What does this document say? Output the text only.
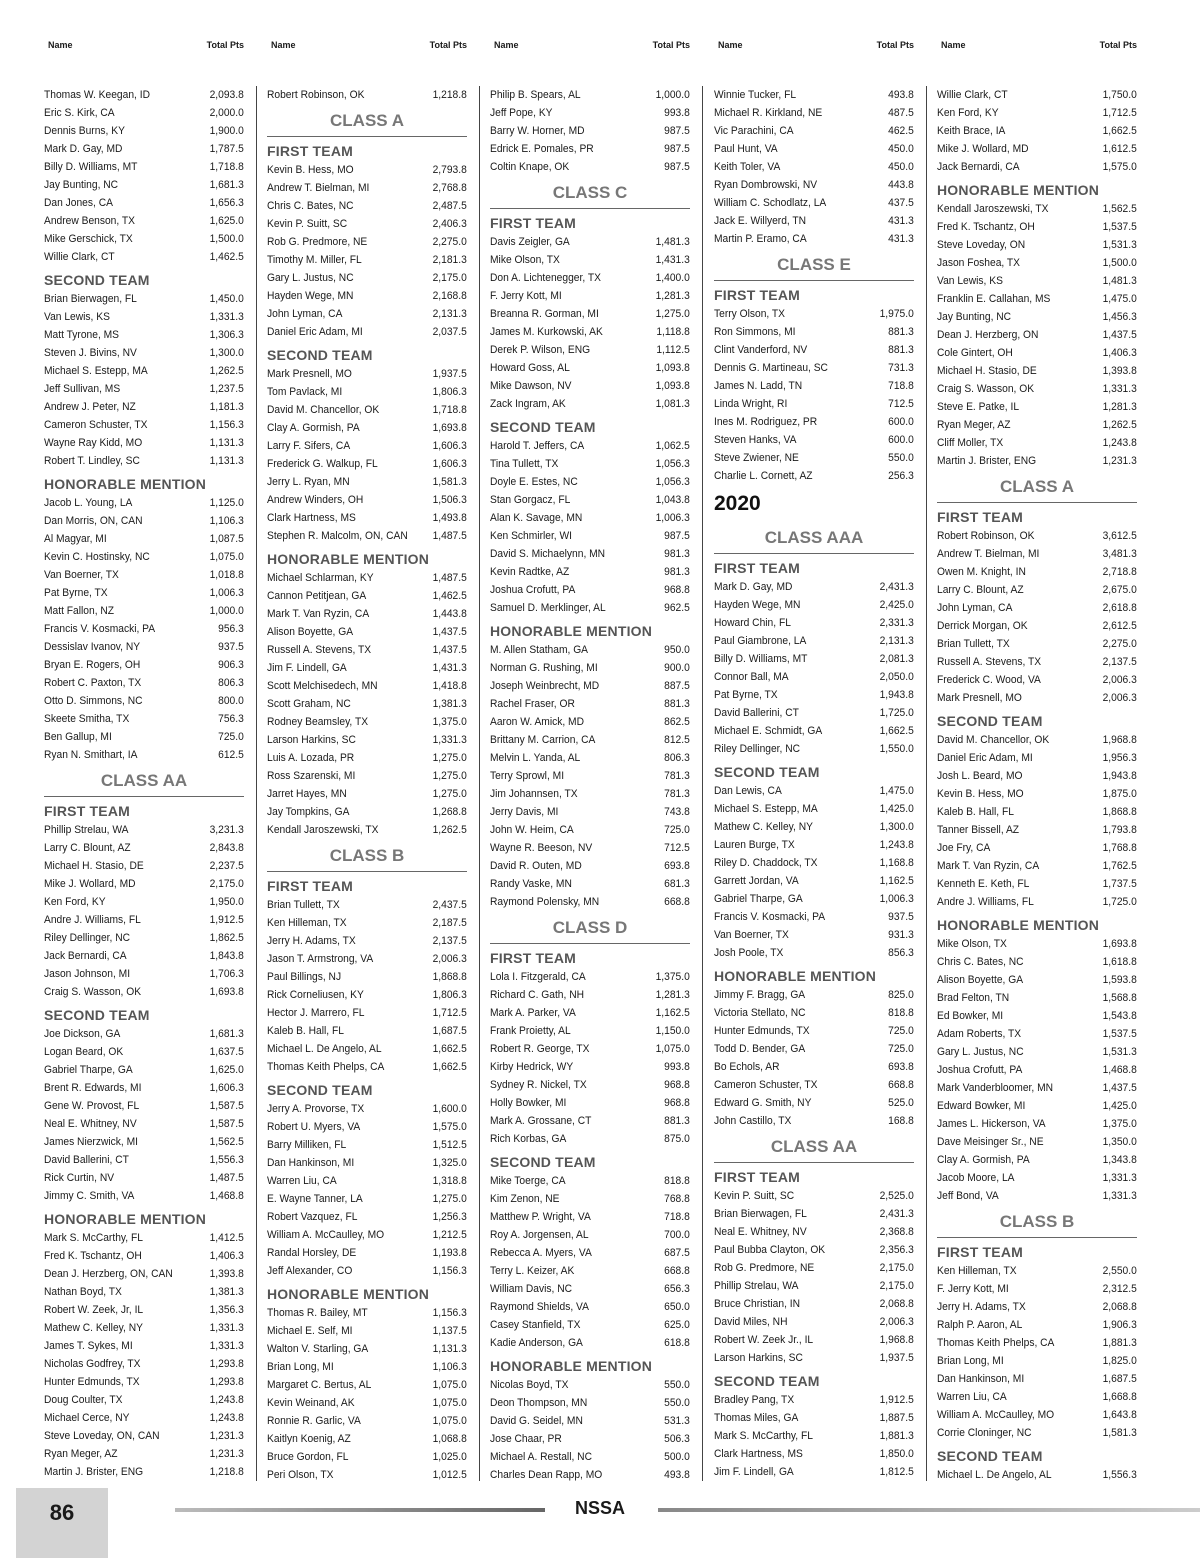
Name	Total Pts
Thomas W. Keegan, ID	2,093.8
Eric S. Kirk, CA	2,000.0
Dennis Burns, KY	1,900.0
Mark D. Gay, MD	1,787.5
Billy D. Williams, MT	1,718.8
Jay Bunting, NC	1,681.3
Dan Jones, CA	1,656.3
Andrew Benson, TX	1,625.0
Mike Gerschick, TX	1,500.0
Willie Clark, CT	1,462.5
SECOND TEAM
Brian Bierwagen, FL	1,450.0
Van Lewis, KS	1,331.3
Matt Tyrone, MS	1,306.3
Steven J. Bivins, NV	1,300.0
Michael S. Estepp, MA	1,262.5
Jeff Sullivan, MS	1,237.5
Andrew J. Peter, NZ	1,181.3
Cameron Schuster, TX	1,156.3
Wayne Ray Kidd, MO	1,131.3
Robert T. Lindley, SC	1,131.3
HONORABLE MENTION
Jacob L. Young, LA	1,125.0
Dan Morris, ON, CAN	1,106.3
Al Magyar, MI	1,087.5
Kevin C. Hostinsky, NC	1,075.0
Van Boerner, TX	1,018.8
Pat Byrne, TX	1,006.3
Matt Fallon, NZ	1,000.0
Francis V. Kosmacki, PA	956.3
Dessislav Ivanov, NY	937.5
Bryan E. Rogers, OH	906.3
Robert C. Paxton, TX	806.3
Otto D. Simmons, NC	800.0
Skeete Smitha, TX	756.3
Ben Gallup, MI	725.0
Ryan N. Smithart, IA	612.5
CLASS AA
FIRST TEAM
Phillip Strelau, WA	3,231.3
Larry C. Blount, AZ	2,843.8
Michael H. Stasio, DE	2,237.5
Mike J. Wollard, MD	2,175.0
Ken Ford, KY	1,950.0
Andre J. Williams, FL	1,912.5
Riley Dellinger, NC	1,862.5
Jack Bernardi, CA	1,843.8
Jason Johnson, MI	1,706.3
Craig S. Wasson, OK	1,693.8
SECOND TEAM
Joe Dickson, GA	1,681.3
Logan Beard, OK	1,637.5
Gabriel Tharpe, GA	1,625.0
Brent R. Edwards, MI	1,606.3
Gene W. Provost, FL	1,587.5
Neal E. Whitney, NV	1,587.5
James Nierzwick, MI	1,562.5
David Ballerini, CT	1,556.3
Rick Curtin, NV	1,487.5
Jimmy C. Smith, VA	1,468.8
HONORABLE MENTION
Mark S. McCarthy, FL	1,412.5
Fred K. Tschantz, OH	1,406.3
Dean J. Herzberg, ON, CAN	1,393.8
Nathan Boyd, TX	1,381.3
Robert W. Zeek, Jr, IL	1,356.3
Mathew C. Kelley, NY	1,331.3
James T. Sykes, MI	1,331.3
Nicholas Godfrey, TX	1,293.8
Hunter Edmunds, TX	1,293.8
Doug Coulter, TX	1,243.8
Michael Cerce, NY	1,243.8
Steve Loveday, ON, CAN	1,231.3
Ryan Meger, AZ	1,231.3
Martin J. Brister, ENG	1,218.8
Name	Total Pts
Robert Robinson, OK	1,218.8
CLASS A
FIRST TEAM
Kevin B. Hess, MO	2,793.8
Andrew T. Bielman, MI	2,768.8
Chris C. Bates, NC	2,487.5
Kevin P. Suitt, SC	2,406.3
Rob G. Predmore, NE	2,275.0
Timothy M. Miller, FL	2,181.3
Gary L. Justus, NC	2,175.0
Hayden Wege, MN	2,168.8
John Lyman, CA	2,131.3
Daniel Eric Adam, MI	2,037.5
SECOND TEAM
Mark Presnell, MO	1,937.5
Tom Pavlack, MI	1,806.3
David M. Chancellor, OK	1,718.8
Clay A. Gormish, PA	1,693.8
Larry F. Sifers, CA	1,606.3
Frederick G. Walkup, FL	1,606.3
Jerry L. Ryan, MN	1,581.3
Andrew Winders, OH	1,506.3
Clark Hartness, MS	1,493.8
Stephen R. Malcolm, ON, CAN 1,487.5
HONORABLE MENTION
Michael Schlarman, KY	1,487.5
Cannon Petitjean, GA	1,462.5
Mark T. Van Ryzin, CA	1,443.8
Alison Boyette, GA	1,437.5
Russell A. Stevens, TX	1,437.5
Jim F. Lindell, GA	1,431.3
Scott Melchisedech, MN	1,418.8
Scott Graham, NC	1,381.3
Rodney Beamsley, TX	1,375.0
Larson Harkins, SC	1,331.3
Luis A. Lozada, PR	1,275.0
Ross Szarenski, MI	1,275.0
Jarret Hayes, MN	1,275.0
Jay Tompkins, GA	1,268.8
Kendall Jaroszewski, TX	1,262.5
CLASS B
FIRST TEAM
Brian Tullett, TX	2,437.5
Ken Hilleman, TX	2,187.5
Jerry H. Adams, TX	2,137.5
Jason T. Armstrong, VA	2,006.3
Paul Billings, NJ	1,868.8
Rick Corneliusen, KY	1,806.3
Hector J. Marrero, FL	1,712.5
Kaleb B. Hall, FL	1,687.5
Michael L. De Angelo, AL	1,662.5
Thomas Keith Phelps, CA	1,662.5
SECOND TEAM
Jerry A. Provorse, TX	1,600.0
Robert U. Myers, VA	1,575.0
Barry Milliken, FL	1,512.5
Dan Hankinson, MI	1,325.0
Warren Liu, CA	1,318.8
E. Wayne Tanner, LA	1,275.0
Robert Vazquez, FL	1,256.3
William A. McCaulley, MO	1,212.5
Randal Horsley, DE	1,193.8
Jeff Alexander, CO	1,156.3
HONORABLE MENTION
Thomas R. Bailey, MT	1,156.3
Michael E. Self, MI	1,137.5
Walton V. Starling, GA	1,131.3
Brian Long, MI	1,106.3
Margaret C. Bertus, AL	1,075.0
Kevin Weinand, AK	1,075.0
Ronnie R. Garlic, VA	1,075.0
Kaitlyn Koenig, AZ	1,068.8
Bruce Gordon, FL	1,025.0
Peri Olson, TX	1,012.5
Name	Total Pts
Philip B. Spears, AL	1,000.0
Jeff Pope, KY	993.8
Barry W. Horner, MD	987.5
Edrick E. Pomales, PR	987.5
Coltin Knape, OK	987.5
CLASS C
FIRST TEAM
Davis Zeigler, GA	1,481.3
Mike Olson, TX	1,431.3
Don A. Lichtenegger, TX	1,400.0
F. Jerry Kott, MI	1,281.3
Breanna R. Gorman, MI	1,275.0
James M. Kurkowski, AK	1,118.8
Derek P. Wilson, ENG	1,112.5
Howard Goss, AL	1,093.8
Mike Dawson, NV	1,093.8
Zack Ingram, AK	1,081.3
SECOND TEAM
Harold T. Jeffers, CA	1,062.5
Tina Tullett, TX	1,056.3
Doyle E. Estes, NC	1,056.3
Stan Gorgacz, FL	1,043.8
Alan K. Savage, MN	1,006.3
Ken Schmirler, WI	987.5
David S. Michaelynn, MN	981.3
Kevin Radtke, AZ	981.3
Joshua Crofutt, PA	968.8
Samuel D. Merklinger, AL	962.5
HONORABLE MENTION
M. Allen Statham, GA	950.0
Norman G. Rushing, MI	900.0
Joseph Weinbrecht, MD	887.5
Rachel Fraser, OR	881.3
Aaron W. Amick, MD	862.5
Brittany M. Carrion, CA	812.5
Melvin L. Yanda, AL	806.3
Terry Sprowl, MI	781.3
Jim Johannsen, TX	781.3
Jerry Davis, MI	743.8
John W. Heim, CA	725.0
Wayne R. Beeson, NV	712.5
David R. Outen, MD	693.8
Randy Vaske, MN	681.3
Raymond Polensky, MN	668.8
CLASS D
FIRST TEAM
Lola I. Fitzgerald, CA	1,375.0
Richard C. Gath, NH	1,281.3
Mark A. Parker, VA	1,162.5
Frank Proietty, AL	1,150.0
Robert R. George, TX	1,075.0
Kirby Hedrick, WY	993.8
Sydney R. Nickel, TX	968.8
Holly Bowker, MI	968.8
Mark A. Grossane, CT	881.3
Rich Korbas, GA	875.0
SECOND TEAM
Mike Toerge, CA	818.8
Kim Zenon, NE	768.8
Matthew P. Wright, VA	718.8
Roy A. Jorgensen, AL	700.0
Rebecca A. Myers, VA	687.5
Terry L. Keizer, AK	668.8
William Davis, NC	656.3
Raymond Shields, VA	650.0
Casey Stanfield, TX	625.0
Kadie Anderson, GA	618.8
HONORABLE MENTION
Nicolas Boyd, TX	550.0
Deon Thompson, MN	550.0
David G. Seidel, MN	531.3
Jose Chaar, PR	506.3
Michael A. Restall, NC	500.0
Charles Dean Rapp, MO	493.8
Name	Total Pts
Winnie Tucker, FL	493.8
Michael R. Kirkland, NE	487.5
Vic Parachini, CA	462.5
Paul Hunt, VA	450.0
Keith Toler, VA	450.0
Ryan Dombrowski, NV	443.8
William C. Schodlatz, LA	437.5
Jack E. Willyerd, TN	431.3
Martin P. Eramo, CA	431.3
CLASS E
FIRST TEAM
Terry Olson, TX	1,975.0
Ron Simmons, MI	881.3
Clint Vanderford, NV	881.3
Dennis G. Martineau, SC	731.3
James N. Ladd, TN	718.8
Linda Wright, RI	712.5
Ines M. Rodriguez, PR	600.0
Steven Hanks, VA	600.0
Steve Zwiener, NE	550.0
Charlie L. Cornett, AZ	256.3
2020
CLASS AAA
FIRST TEAM
Mark D. Gay, MD	2,431.3
Hayden Wege, MN	2,425.0
Howard Chin, FL	2,331.3
Paul Giambrone, LA	2,131.3
Billy D. Williams, MT	2,081.3
Connor Ball, MA	2,050.0
Pat Byrne, TX	1,943.8
David Ballerini, CT	1,725.0
Michael E. Schmidt, GA	1,662.5
Riley Dellinger, NC	1,550.0
SECOND TEAM
Dan Lewis, CA	1,475.0
Michael S. Estepp, MA	1,425.0
Mathew C. Kelley, NY	1,300.0
Lauren Burge, TX	1,243.8
Riley D. Chaddock, TX	1,168.8
Garrett Jordan, VA	1,162.5
Gabriel Tharpe, GA	1,006.3
Francis V. Kosmacki, PA	937.5
Van Boerner, TX	931.3
Josh Poole, TX	856.3
HONORABLE MENTION
Jimmy F. Bragg, GA	825.0
Victoria Stellato, NC	818.8
Hunter Edmunds, TX	725.0
Todd D. Bender, GA	725.0
Bo Echols, AR	693.8
Cameron Schuster, TX	668.8
Edward G. Smith, NY	525.0
John Castillo, TX	168.8
CLASS AA
FIRST TEAM
Kevin P. Suitt, SC	2,525.0
Brian Bierwagen, FL	2,431.3
Neal E. Whitney, NV	2,368.8
Paul Bubba Clayton, OK	2,356.3
Rob G. Predmore, NE	2,175.0
Phillip Strelau, WA	2,175.0
Bruce Christian, IN	2,068.8
David Miles, NH	2,006.3
Robert W. Zeek Jr., IL	1,968.8
Larson Harkins, SC	1,937.5
SECOND TEAM
Bradley Pang, TX	1,912.5
Thomas Miles, GA	1,887.5
Mark S. McCarthy, FL	1,881.3
Clark Hartness, MS	1,850.0
Jim F. Lindell, GA	1,812.5
Name	Total Pts
Willie Clark, CT	1,750.0
Ken Ford, KY	1,712.5
Keith Brace, IA	1,662.5
Mike J. Wollard, MD	1,612.5
Jack Bernardi, CA	1,575.0
HONORABLE MENTION
Kendall Jaroszewski, TX	1,562.5
Fred K. Tschantz, OH	1,537.5
Steve Loveday, ON	1,531.3
Jason Foshea, TX	1,500.0
Van Lewis, KS	1,481.3
Franklin E. Callahan, MS	1,475.0
Jay Bunting, NC	1,456.3
Dean J. Herzberg, ON	1,437.5
Cole Gintert, OH	1,406.3
Michael H. Stasio, DE	1,393.8
Craig S. Wasson, OK	1,331.3
Steve E. Patke, IL	1,281.3
Ryan Meger, AZ	1,262.5
Cliff Moller, TX	1,243.8
Martin J. Brister, ENG	1,231.3
CLASS A
FIRST TEAM
Robert Robinson, OK	3,612.5
Andrew T. Bielman, MI	3,481.3
Owen M. Knight, IN	2,718.8
Larry C. Blount, AZ	2,675.0
John Lyman, CA	2,618.8
Derrick Morgan, OK	2,612.5
Brian Tullett, TX	2,275.0
Russell A. Stevens, TX	2,137.5
Frederick C. Wood, VA	2,006.3
Mark Presnell, MO	2,006.3
SECOND TEAM
David M. Chancellor, OK	1,968.8
Daniel Eric Adam, MI	1,956.3
Josh L. Beard, MO	1,943.8
Kevin B. Hess, MO	1,875.0
Kaleb B. Hall, FL	1,868.8
Tanner Bissell, AZ	1,793.8
Joe Fry, CA	1,768.8
Mark T. Van Ryzin, CA	1,762.5
Kenneth E. Keth, FL	1,737.5
Andre J. Williams, FL	1,725.0
HONORABLE MENTION
Mike Olson, TX	1,693.8
Chris C. Bates, NC	1,618.8
Alison Boyette, GA	1,593.8
Brad Felton, TN	1,568.8
Ed Bowker, MI	1,543.8
Adam Roberts, TX	1,537.5
Gary L. Justus, NC	1,531.3
Joshua Crofutt, PA	1,468.8
Mark Vanderbloomer, MN	1,437.5
Edward Bowker, MI	1,425.0
James L. Hickerson, VA	1,375.0
Dave Meisinger Sr., NE	1,350.0
Clay A. Gormish, PA	1,343.8
Jacob Moore, LA	1,331.3
Jeff Bond, VA	1,331.3
CLASS B
FIRST TEAM
Ken Hilleman, TX	2,550.0
F. Jerry Kott, MI	2,312.5
Jerry H. Adams, TX	2,068.8
Ralph P. Aaron, AL	1,906.3
Thomas Keith Phelps, CA	1,881.3
Brian Long, MI	1,825.0
Dan Hankinson, MI	1,687.5
Warren Liu, CA	1,668.8
William A. McCaulley, MO	1,643.8
Corrie Cloninger, NC	1,581.3
SECOND TEAM
Michael L. De Angelo, AL	1,556.3
86	NSSA
